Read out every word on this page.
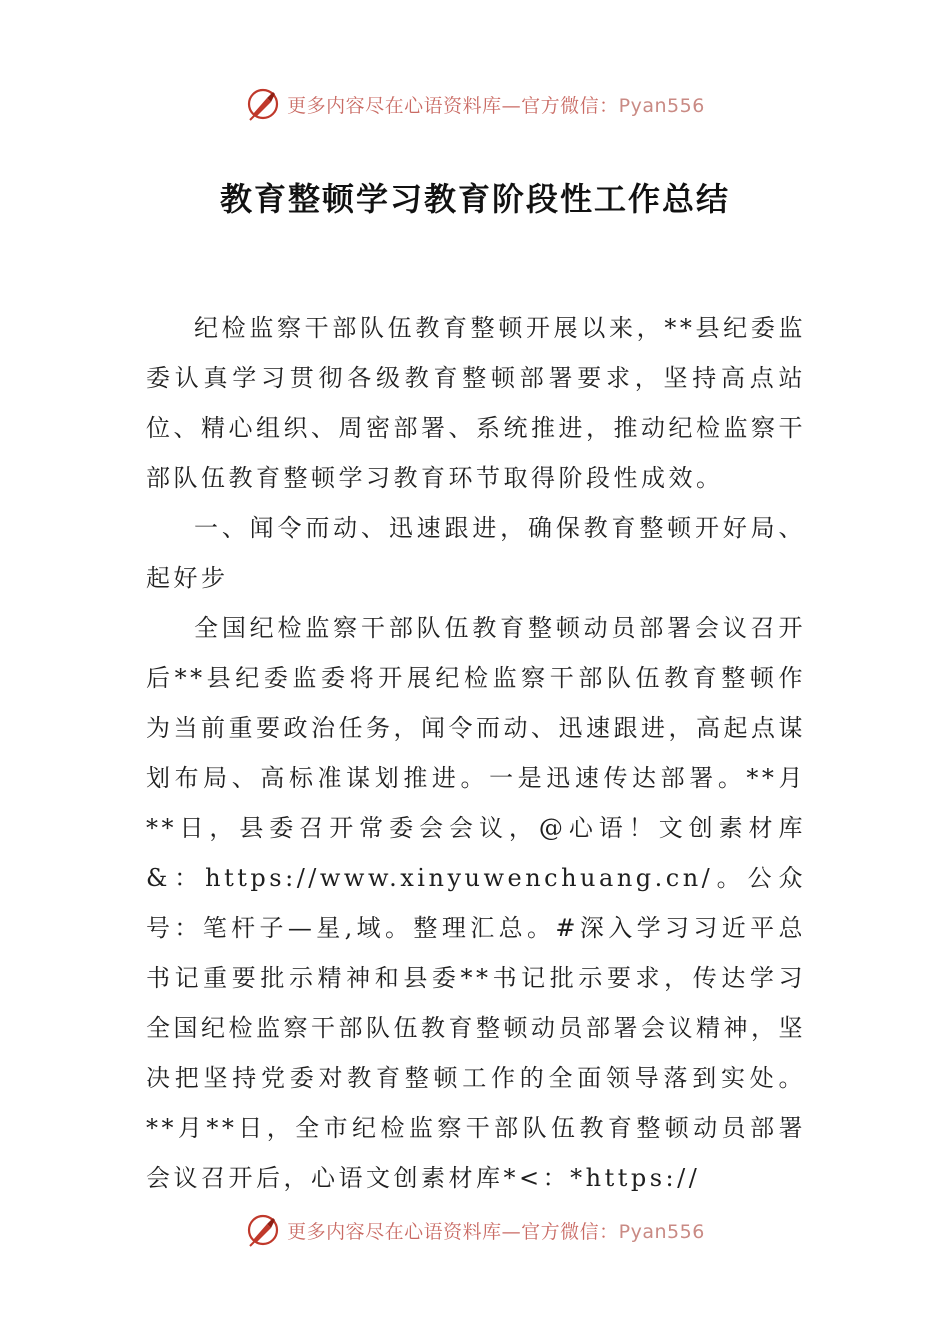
更多内容尽在心语资料库—官方微信：Pyan556
教育整顿学习教育阶段性工作总结

纪检监察干部队伍教育整顿开展以来，**县纪委监委认真学习贯彻各级教育整顿部署要求，坚持高点站位、精心组织、周密部署、系统推进，推动纪检监察干部队伍教育整顿学习教育环节取得阶段性成效。

一、闻令而动、迅速跟进，确保教育整顿开好局、起好步

全国纪检监察干部队伍教育整顿动员部署会议召开后**县纪委监委将开展纪检监察干部队伍教育整顿作为当前重要政治任务，闻令而动、迅速跟进，高起点谋划布局、高标准谋划推进。一是迅速传达部署。**月**日，县委召开常委会会议，@心语！文创素材库&：https://www.xinyuwenchuang.cn/。公众号：笔杆子—星,域。整理汇总。#深入学习习近平总书记重要批示精神和县委**书记批示要求，传达学习全国纪检监察干部队伍教育整顿动员部署会议精神，坚决把坚持党委对教育整顿工作的全面领导落到实处。**月**日，全市纪检监察干部队伍教育整顿动员部署会议召开后，心语文创素材库*<：*https://

更多内容尽在心语资料库—官方微信：Pyan556
